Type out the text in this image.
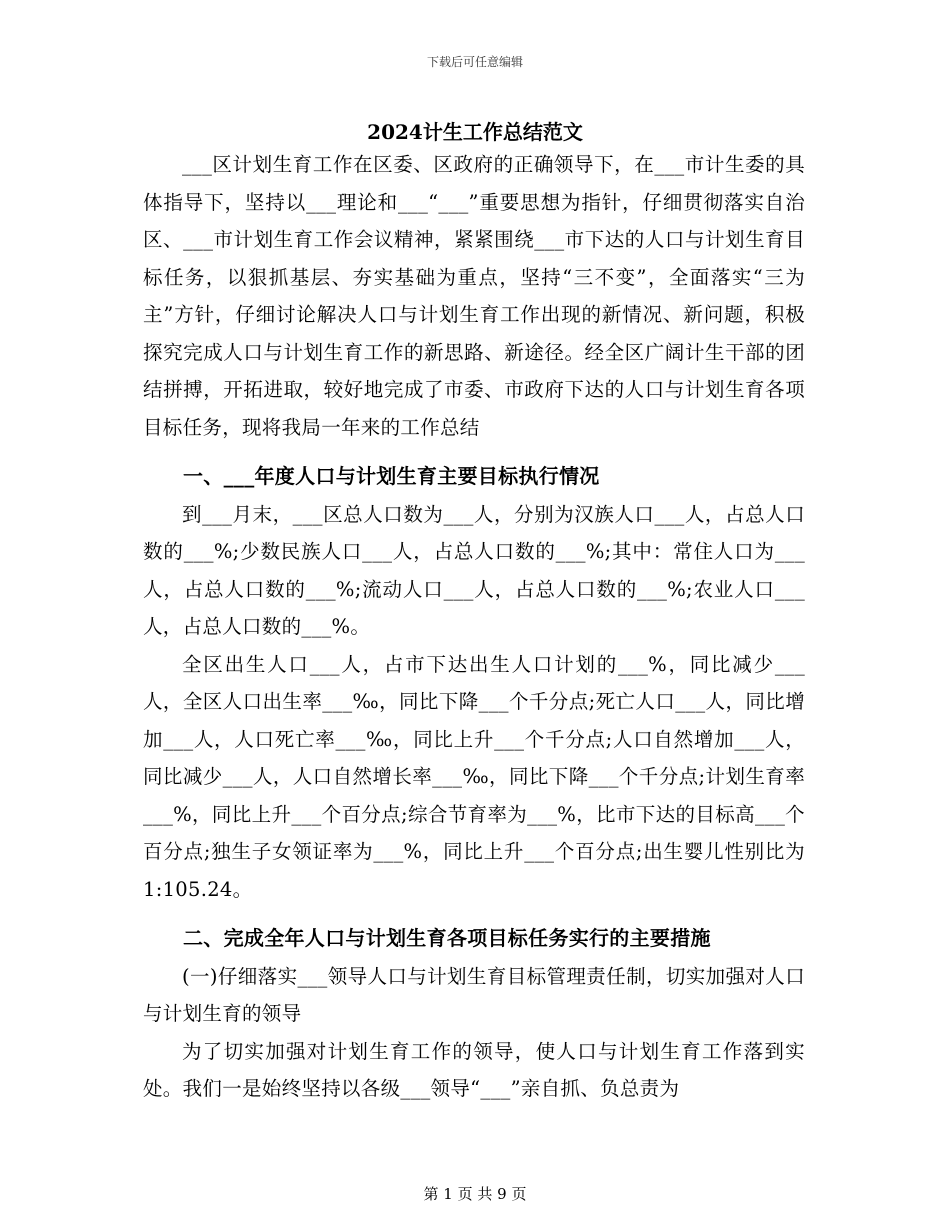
下载后可任意编辑
2024计生工作总结范文

___区计划生育工作在区委、区政府的正确领导下，在___市计生委的具体指导下，坚持以___理论和___“___”重要思想为指针，仔细贯彻落实自治区、___市计划生育工作会议精神，紧紧围绕___市下达的人口与计划生育目标任务，以狠抓基层、夯实基础为重点，坚持“三不变”，全面落实“三为主”方针，仔细讨论解决人口与计划生育工作出现的新情况、新问题，积极探究完成人口与计划生育工作的新思路、新途径。经全区广阔计生干部的团结拼搏，开拓进取，较好地完成了市委、市政府下达的人口与计划生育各项目标任务，现将我局一年来的工作总结

一、___年度人口与计划生育主要目标执行情况

到___月末，___区总人口数为___人，分别为汉族人口___人，占总人口数的___%;少数民族人口___人，占总人口数的___%;其中：常住人口为___人，占总人口数的___%;流动人口___人，占总人口数的___%;农业人口___人，占总人口数的___%。

全区出生人口___人，占市下达出生人口计划的___%，同比减少___人，全区人口出生率___‰，同比下降___个千分点;死亡人口___人，同比增加___人，人口死亡率___‰，同比上升___个千分点;人口自然增加___人，同比减少___人，人口自然增长率___‰，同比下降___个千分点;计划生育率___%，同比上升___个百分点;综合节育率为___%，比市下达的目标高___个百分点;独生子女领证率为___%，同比上升___个百分点;出生婴儿性别比为1:105.24。

二、完成全年人口与计划生育各项目标任务实行的主要措施

(一)仔细落实___领导人口与计划生育目标管理责任制，切实加强对人口与计划生育的领导

为了切实加强对计划生育工作的领导，使人口与计划生育工作落到实处。我们一是始终坚持以各级___领导“___”亲自抓、负总责为

第 1 页 共 9 页
